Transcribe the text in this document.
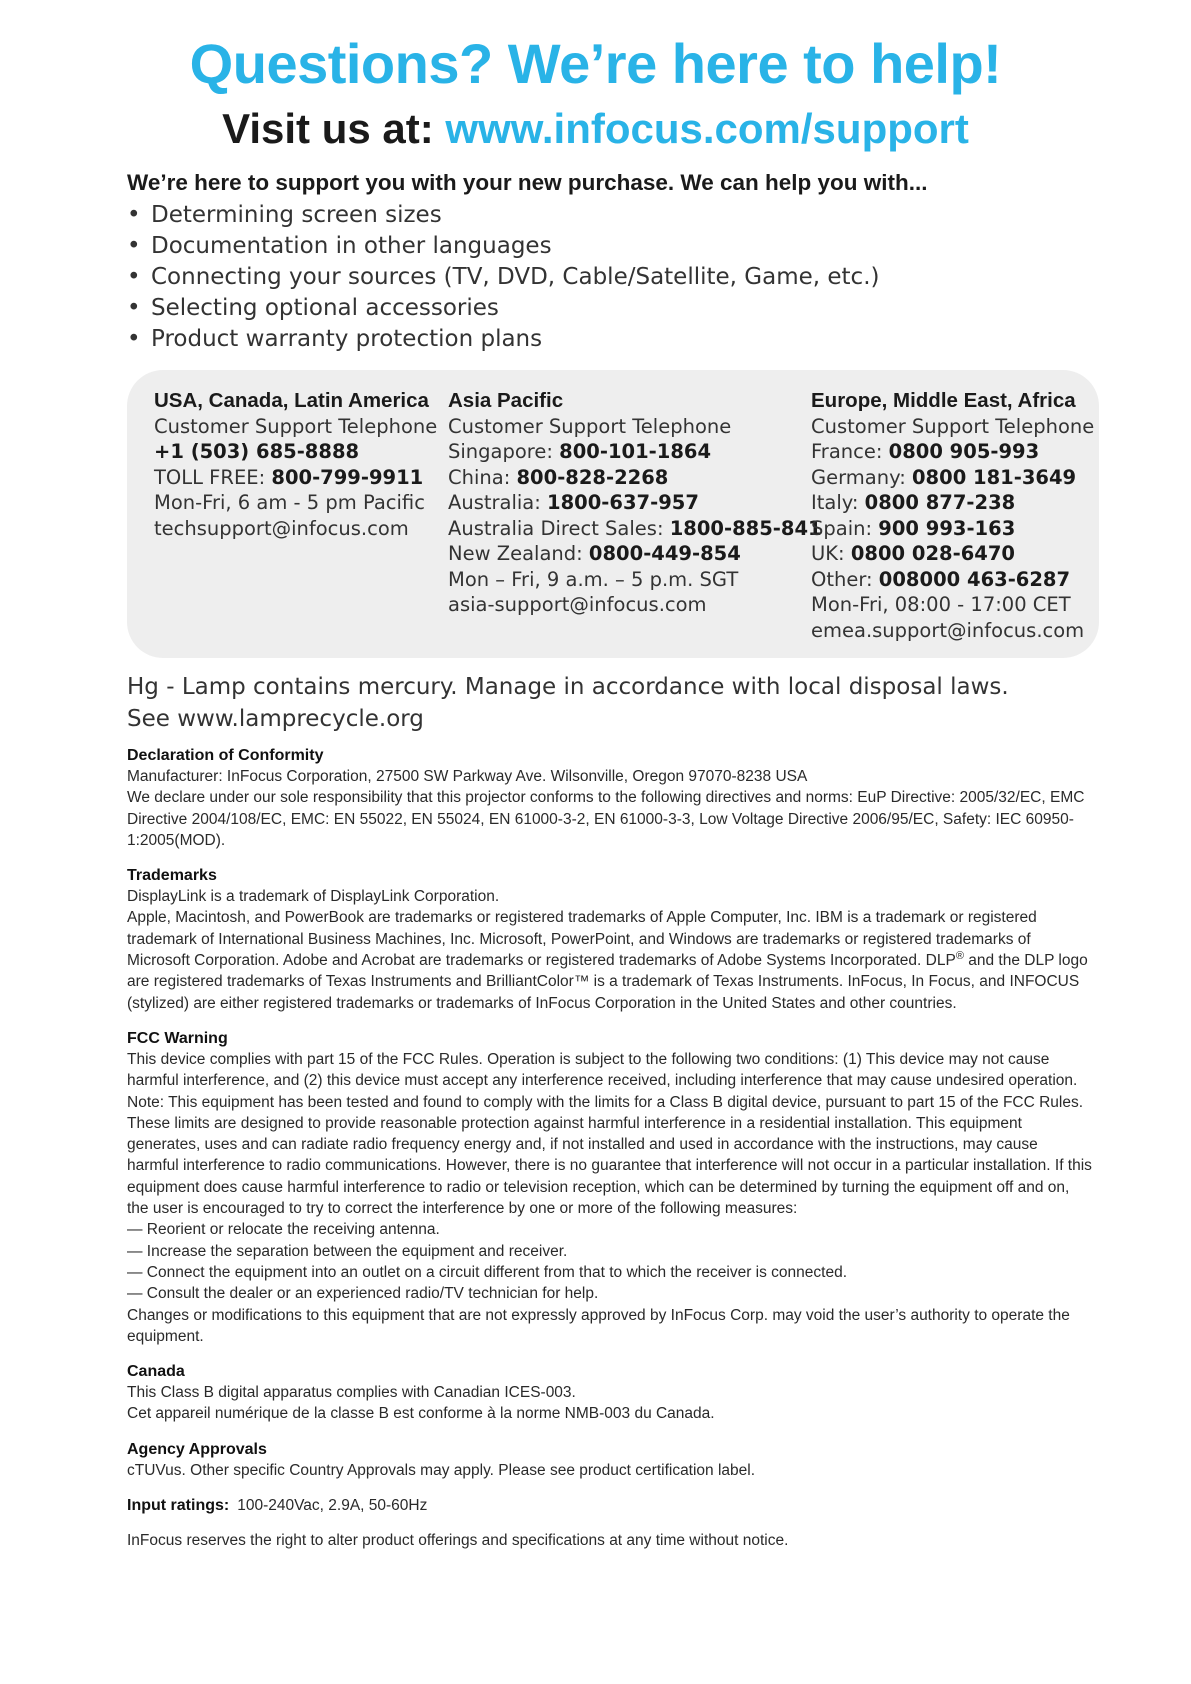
Questions? We’re here to help!
Visit us at: www.infocus.com/support
We’re here to support you with your new purchase. We can help you with...
• Determining screen sizes
• Documentation in other languages
• Connecting your sources (TV, DVD, Cable/Satellite, Game, etc.)
• Selecting optional accessories
• Product warranty protection plans
USA, Canada, Latin America
Customer Support Telephone
+1 (503) 685-8888
TOLL FREE: 800-799-9911
Mon-Fri, 6 am - 5 pm Pacific
techsupport@infocus.com
Asia Pacific
Customer Support Telephone
Singapore: 800-101-1864
China: 800-828-2268
Australia: 1800-637-957
Australia Direct Sales: 1800-885-841
New Zealand: 0800-449-854
Mon – Fri, 9 a.m. – 5 p.m. SGT
asia-support@infocus.com
Europe, Middle East, Africa
Customer Support Telephone
France: 0800 905-993
Germany: 0800 181-3649
Italy: 0800 877-238
Spain: 900 993-163
UK: 0800 028-6470
Other: 008000 463-6287
Mon-Fri, 08:00 - 17:00 CET
emea.support@infocus.com
Hg - Lamp contains mercury. Manage in accordance with local disposal laws.
See www.lamprecycle.org
Declaration of Conformity

Manufacturer: InFocus Corporation, 27500 SW Parkway Ave. Wilsonville, Oregon 97070-8238 USA

We declare under our sole responsibility that this projector conforms to the following directives and norms: EuP Directive: 2005/32/EC, EMC Directive 2004/108/EC, EMC: EN 55022, EN 55024, EN 61000-3-2, EN 61000-3-3, Low Voltage Directive 2006/95/EC, Safety: IEC 60950-1:2005(MOD).

Trademarks

DisplayLink is a trademark of DisplayLink Corporation.

Apple, Macintosh, and PowerBook are trademarks or registered trademarks of Apple Computer, Inc. IBM is a trademark or registered trademark of International Business Machines, Inc. Microsoft, PowerPoint, and Windows are trademarks or registered trademarks of Microsoft Corporation. Adobe and Acrobat are trademarks or registered trademarks of Adobe Systems Incorporated. DLP® and the DLP logo are registered trademarks of Texas Instruments and BrilliantColor™ is a trademark of Texas Instruments. InFocus, In Focus, and INFOCUS (stylized) are either registered trademarks or trademarks of InFocus Corporation in the United States and other countries.

FCC Warning

This device complies with part 15 of the FCC Rules. Operation is subject to the following two conditions: (1) This device may not cause harmful interference, and (2) this device must accept any interference received, including interference that may cause undesired operation.

Note: This equipment has been tested and found to comply with the limits for a Class B digital device, pursuant to part 15 of the FCC Rules. These limits are designed to provide reasonable protection against harmful interference in a residential installation. This equipment generates, uses and can radiate radio frequency energy and, if not installed and used in accordance with the instructions, may cause harmful interference to radio communications. However, there is no guarantee that interference will not occur in a particular installation. If this equipment does cause harmful interference to radio or television reception, which can be determined by turning the equipment off and on, the user is encouraged to try to correct the interference by one or more of the following measures:

— Reorient or relocate the receiving antenna.

— Increase the separation between the equipment and receiver.

— Connect the equipment into an outlet on a circuit different from that to which the receiver is connected.

— Consult the dealer or an experienced radio/TV technician for help.

Changes or modifications to this equipment that are not expressly approved by InFocus Corp. may void the user’s authority to operate the equipment.

Canada

This Class B digital apparatus complies with Canadian ICES-003.

Cet appareil numérique de la classe B est conforme à la norme NMB-003 du Canada.

Agency Approvals

cTUVus. Other specific Country Approvals may apply. Please see product certification label.

Input ratings: 100-240Vac, 2.9A, 50-60Hz

InFocus reserves the right to alter product offerings and specifications at any time without notice.
